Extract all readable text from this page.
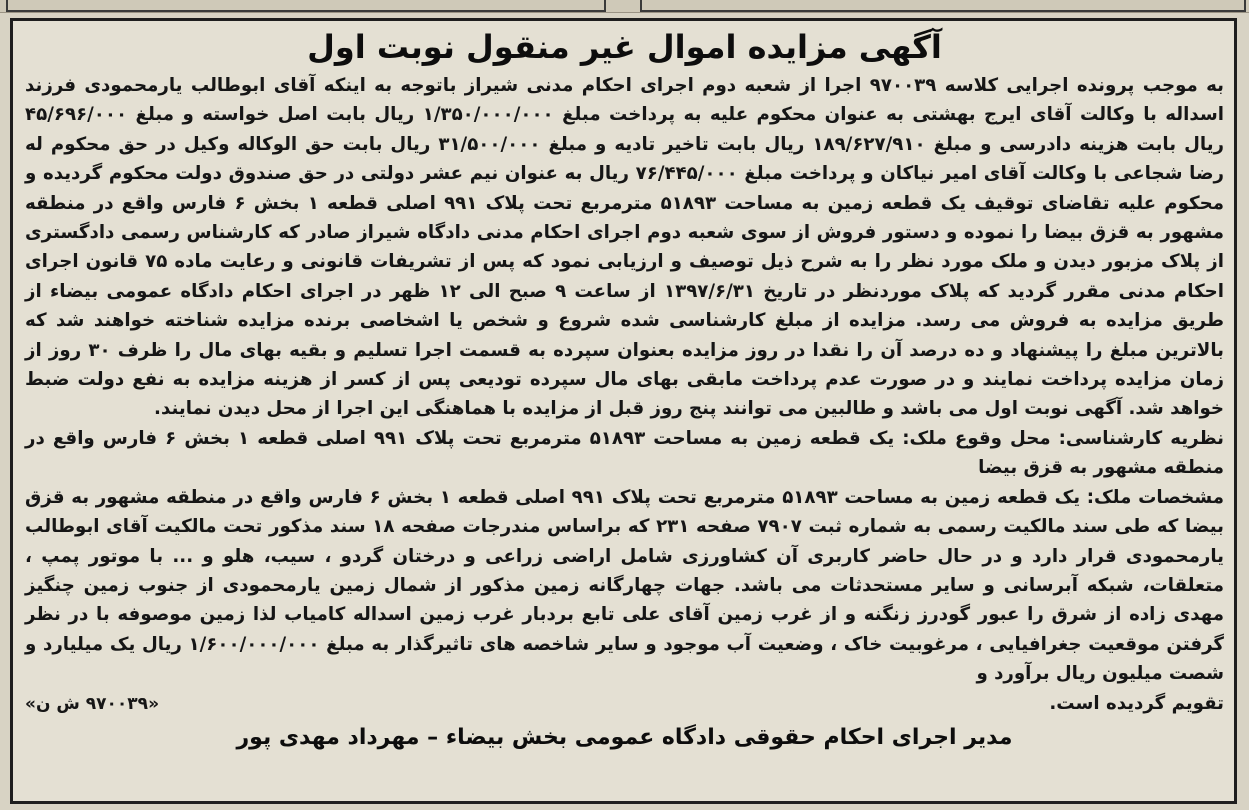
آگهی مزایده اموال غیر منقول نوبت اول

به موجب پرونده اجرایی کلاسه ۹۷۰۰۳۹ اجرا از شعبه دوم اجرای احکام مدنی شیراز باتوجه به اینکه آقای ابوطالب یارمحمودی فرزند اسداله با وکالت آقای ایرج بهشتی به عنوان محکوم علیه به پرداخت مبلغ ۱/۳۵۰/۰۰۰/۰۰۰ ریال بابت اصل خواسته و مبلغ ۴۵/۶۹۶/۰۰۰ ریال بابت هزینه دادرسی و مبلغ ۱۸۹/۶۲۷/۹۱۰ ریال بابت تاخیر تادیه و مبلغ ۳۱/۵۰۰/۰۰۰ ریال بابت حق الوکاله وکیل در حق محکوم له رضا شجاعی با وکالت آقای امیر نیاکان و پرداخت مبلغ ۷۶/۴۴۵/۰۰۰ ریال به عنوان نیم عشر دولتی در حق صندوق دولت محکوم گردیده و محکوم علیه تقاضای توقیف یک قطعه زمین به مساحت ۵۱۸۹۳ مترمربع تحت پلاک ۹۹۱ اصلی قطعه ۱ بخش ۶ فارس واقع در منطقه مشهور به قزق بیضا را نموده و دستور فروش از سوی شعبه دوم اجرای احکام مدنی دادگاه شیراز صادر که کارشناس رسمی دادگستری از پلاک مزبور دیدن و ملک مورد نظر را به شرح ذیل توصیف و ارزیابی نمود که پس از تشریفات قانونی و رعایت ماده ۷۵ قانون اجرای احکام مدنی مقرر گردید که پلاک موردنظر در تاریخ ۱۳۹۷/۶/۳۱ از ساعت ۹ صبح الی ۱۲ ظهر در اجرای احکام دادگاه عمومی بیضاء از طریق مزایده به فروش می رسد. مزایده از مبلغ کارشناسی شده شروع و شخص یا اشخاصی برنده مزایده شناخته خواهند شد که بالاترین مبلغ را پیشنهاد و ده درصد آن را نقدا در روز مزایده بعنوان سپرده به قسمت اجرا تسلیم و بقیه بهای مال را ظرف ۳۰ روز از زمان مزایده پرداخت نمایند و در صورت عدم پرداخت مابقی بهای مال سپرده تودیعی پس از کسر از هزینه مزایده به نفع دولت ضبط خواهد شد. آگهی نوبت اول می باشد و طالبین می توانند پنج روز قبل از مزایده با هماهنگی این اجرا از محل دیدن نمایند.

نظریه کارشناسی: محل وقوع ملک: یک قطعه زمین به مساحت ۵۱۸۹۳ مترمربع تحت پلاک ۹۹۱ اصلی قطعه ۱ بخش ۶ فارس واقع در منطقه مشهور به قزق بیضا

مشخصات ملک: یک قطعه زمین به مساحت ۵۱۸۹۳ مترمربع تحت پلاک ۹۹۱ اصلی قطعه ۱ بخش ۶ فارس واقع در منطقه مشهور به قزق بیضا که طی سند مالکیت رسمی به شماره ثبت ۷۹۰۷ صفحه ۲۳۱ که براساس مندرجات صفحه ۱۸ سند مذکور تحت مالکیت آقای ابوطالب یارمحمودی قرار دارد و در حال حاضر کاربری آن کشاورزی شامل اراضی زراعی و درختان گردو ، سیب، هلو و ... با موتور پمپ ، متعلقات، شبکه آبرسانی و سایر مستحدثات می باشد. جهات چهارگانه زمین مذکور از شمال زمین یارمحمودی از جنوب زمین چنگیز مهدی زاده از شرق را عبور گودرز زنگنه و از غرب زمین آقای علی تابع بردبار غرب زمین اسداله کامیاب لذا زمین موصوفه با در نظر گرفتن موقعیت جغرافیایی ، مرغوبیت خاک ، وضعیت آب موجود و سایر شاخصه های تاثیرگذار به مبلغ ۱/۶۰۰/۰۰۰/۰۰۰ ریال یک میلیارد و شصت میلیون ریال برآورد و

تقویم گردیده است.
«۹۷۰۰۳۹ ش ن»
مدیر اجرای احکام حقوقی دادگاه عمومی بخش بیضاء – مهرداد مهدی پور
